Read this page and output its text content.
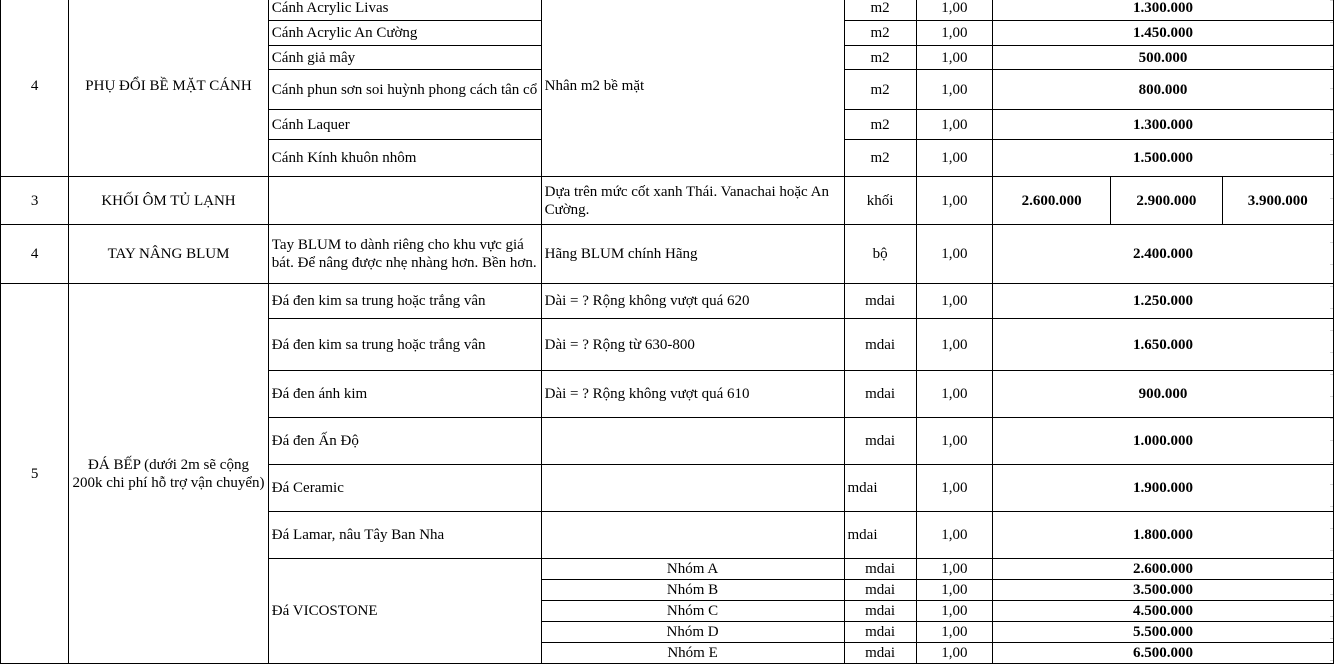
4	PHỤ ĐỔI BỀ MẶT CÁNH	Cánh Acrylic Livas	Nhân m2 bề mặt	m2	1,00	1.300.000		
		Cánh Acrylic An Cường		m2	1,00	1.450.000		
		Cánh giả mây		m2	1,00	500.000		
		Cánh phun sơn soi huỳnh phong cách tân cổ		m2	1,00	800.000		
		Cánh Laquer		m2	1,00	1.300.000		
		Cánh Kính khuôn nhôm		m2	1,00	1.500.000		
3	KHỐI ÔM TỦ LẠNH		Dựa trên mức cốt xanh Thái. Vanachai hoặc An Cường.	khối	1,00	2.600.000	2.900.000	3.900.000
4	TAY NÂNG BLUM	Tay BLUM to dành riêng cho khu vực giá bát. Để nâng được nhẹ nhàng hơn. Bền hơn.	Hãng BLUM chính Hãng	bộ	1,00	2.400.000		
5	ĐÁ BẾP (dưới 2m sẽ cộng 200k chi phí hỗ trợ vận chuyển)	Đá đen kim sa trung hoặc trắng vân	Dài = ? Rộng không vượt quá 620	mdai	1,00	1.250.000		
		Đá đen kim sa trung hoặc trắng vân	Dài = ? Rộng từ 630-800	mdai	1,00	1.650.000		
		Đá đen ánh kim	Dài = ? Rộng không vượt quá 610	mdai	1,00	900.000		
		Đá đen Ấn Độ		mdai	1,00	1.000.000		
		Đá Ceramic		mdai	1,00	1.900.000		
		Đá Lamar, nâu Tây Ban Nha		mdai	1,00	1.800.000		
		Đá VICOSTONE	Nhóm A	mdai	1,00	2.600.000		
			Nhóm B	mdai	1,00	3.500.000		
			Nhóm C	mdai	1,00	4.500.000		
			Nhóm D	mdai	1,00	5.500.000		
			Nhóm E	mdai	1,00	6.500.000		
